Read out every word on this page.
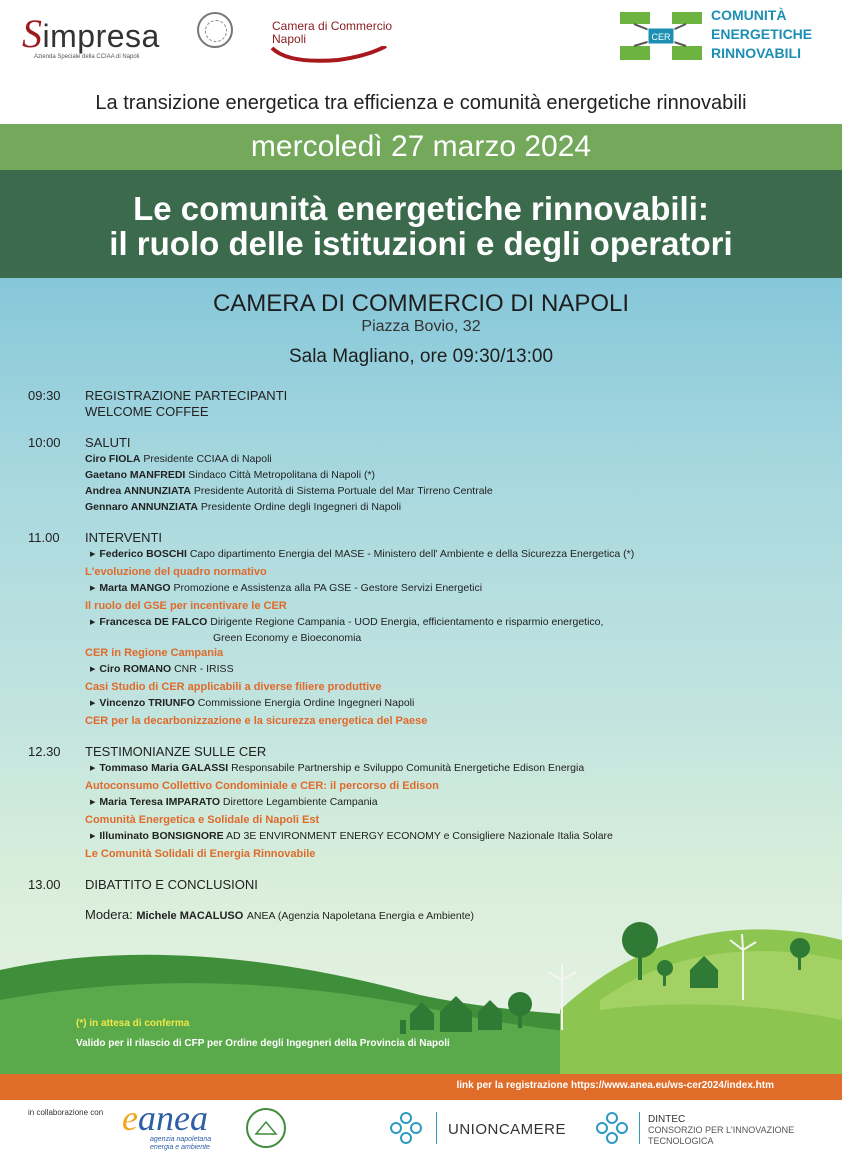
Simpresa
Azienda Speciale della CCIAA di Napoli
Camera di Commercio
Napoli	CER
COMUNITÀ
ENERGETICHE
RINNOVABILI
La transizione energetica tra efficienza e comunità energetiche rinnovabili
mercoledì 27 marzo 2024
Le comunità energetiche rinnovabili:
il ruolo delle istituzioni e degli operatori
CAMERA DI COMMERCIO DI NAPOLI
Piazza Bovio, 32
Sala Magliano, ore 09:30/13:00
09:30 REGISTRAZIONE PARTECIPANTI
WELCOME COFFEE
10:00 SALUTI
Ciro FIOLA Presidente CCIAA di Napoli
Gaetano MANFREDI Sindaco Città Metropolitana di Napoli (*)
Andrea ANNUNZIATA Presidente Autorità di Sistema Portuale del Mar Tirreno Centrale
Gennaro ANNUNZIATA Presidente Ordine degli Ingegneri di Napoli
11.00 INTERVENTI
▶ Federico BOSCHI Capo dipartimento Energia del MASE - Ministero dell' Ambiente e della Sicurezza Energetica (*)
L'evoluzione del quadro normativo
▶ Marta MANGO Promozione e Assistenza alla PA GSE - Gestore Servizi Energetici
Il ruolo del GSE per incentivare le CER
▶ Francesca DE FALCO Dirigente Regione Campania - UOD Energia, efficientamento e risparmio energetico,
Green Economy e Bioeconomia
CER in Regione Campania
▶ Ciro ROMANO CNR - IRISS
Casi Studio di CER applicabili a diverse filiere produttive
▶ Vincenzo TRIUNFO Commissione Energia Ordine Ingegneri Napoli
CER per la decarbonizzazione e la sicurezza energetica del Paese
12.30 TESTIMONIANZE SULLE CER
▶ Tommaso Maria GALASSI Responsabile Partnership e Sviluppo Comunità Energetiche Edison Energia
Autoconsumo Collettivo Condominiale e CER: il percorso di Edison
▶ Maria Teresa IMPARATO Direttore Legambiente Campania
Comunità Energetica e Solidale di Napoli Est
▶ Illuminato BONSIGNORE AD 3E ENVIRONMENT ENERGY ECONOMY e Consigliere Nazionale Italia Solare
Le Comunità Solidali di Energia Rinnovabile
13.00 DIBATTITO E CONCLUSIONI
Modera: Michele MACALUSO ANEA (Agenzia Napoletana Energia e Ambiente)
(*) in attesa di conferma
Valido per il rilascio di CFP per Ordine degli Ingegneri della Provincia di Napoli
link per la registrazione https://www.anea.eu/ws-cer2024/index.htm
in collaborazione con eanea
agenzia napoletana
energia e ambiente
UNIONCAMERE
DINTEC
CONSORZIO PER L'INNOVAZIONE
TECNOLOGICA
